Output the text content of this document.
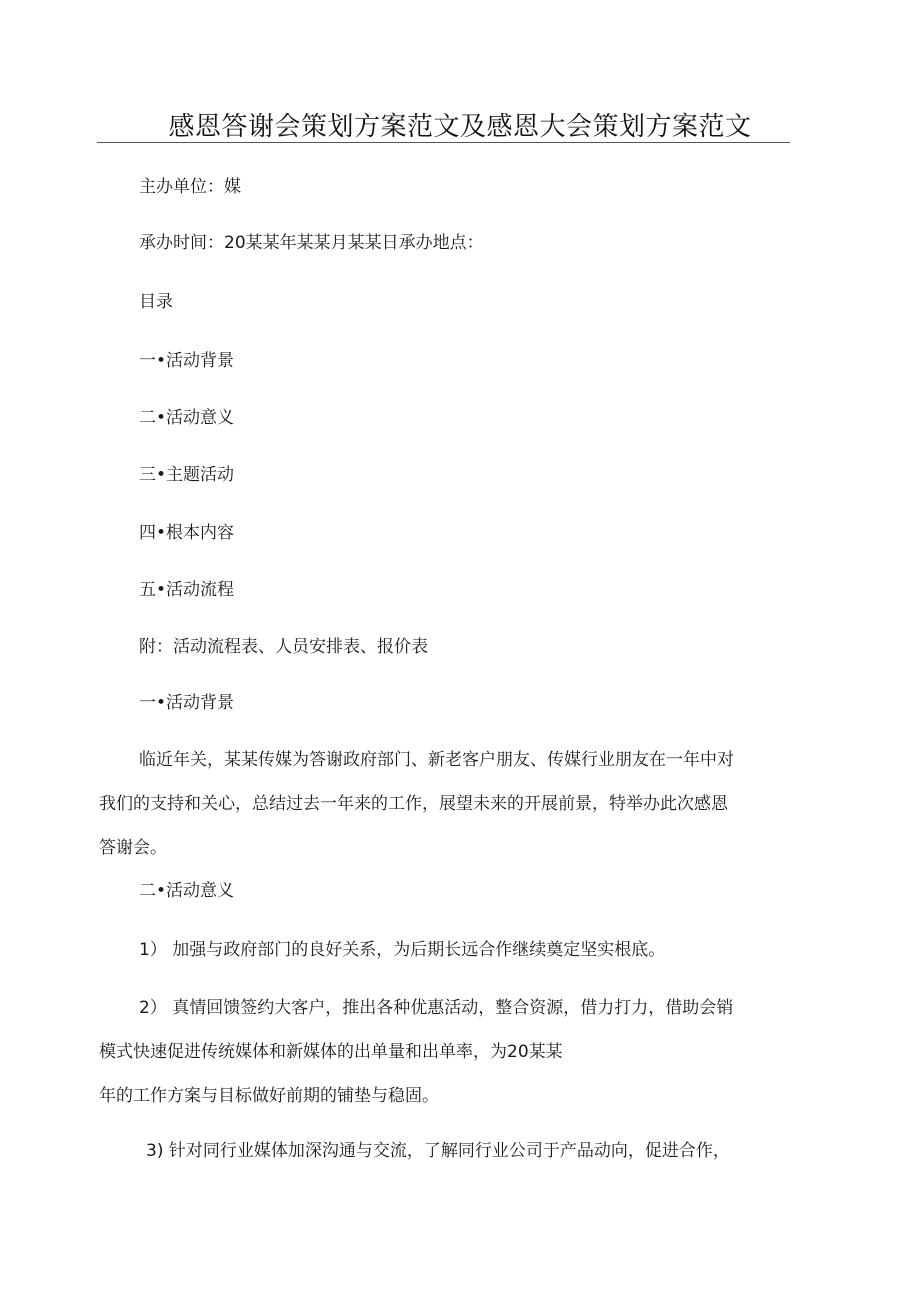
感恩答谢会策划方案范文及感恩大会策划方案范文
主办单位：媒
承办时间：20某某年某某月某某日承办地点：
目录
一•活动背景
二•活动意义
三•主题活动
四•根本内容
五•活动流程
附：活动流程表、人员安排表、报价表
一•活动背景
临近年关，某某传媒为答谢政府部门、新老客户朋友、传媒行业朋友在一年中对
我们的支持和关心，总结过去一年来的工作，展望未来的开展前景，特举办此次感恩
答谢会。
二•活动意义
1） 加强与政府部门的良好关系，为后期长远合作继续奠定坚实根底。
2） 真情回馈签约大客户，推出各种优惠活动，整合资源，借力打力，借助会销
模式快速促进传统媒体和新媒体的出单量和出单率，为20某某
年的工作方案与目标做好前期的铺垫与稳固。
3) 针对同行业媒体加深沟通与交流，了解同行业公司于产品动向，促进合作，
